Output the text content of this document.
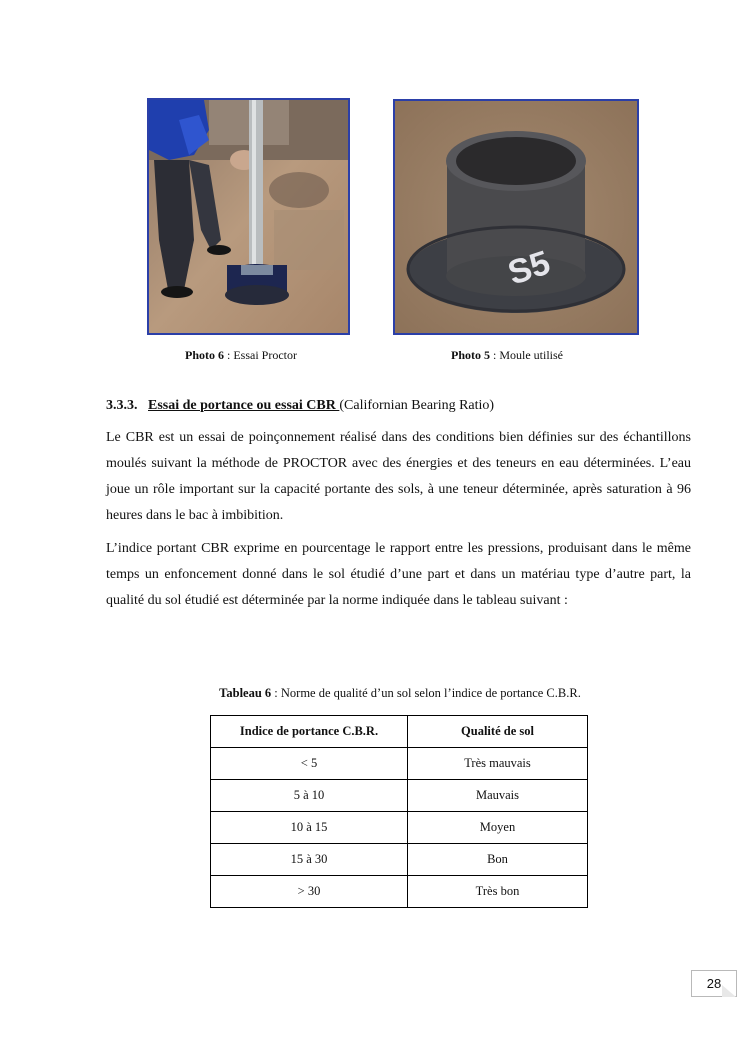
S5
Photo 6 : Essai Proctor	Photo 5 : Moule utilisé
3.3.3. Essai de portance ou essai CBR (Californian Bearing Ratio)

Le CBR est un essai de poinçonnement réalisé dans des conditions bien définies sur des échantillons moulés suivant la méthode de PROCTOR avec des énergies et des teneurs en eau déterminées. L’eau joue un rôle important sur la capacité portante des sols, à une teneur déterminée, après saturation à 96 heures dans le bac à imbibition.

L’indice portant CBR exprime en pourcentage le rapport entre les pressions, produisant dans le même temps un enfoncement donné dans le sol étudié d’une part et dans un matériau type d’autre part, la qualité du sol étudié est déterminée par la norme indiquée dans le tableau suivant :

Tableau 6 : Norme de qualité d’un sol selon l’indice de portance C.B.R.
Indice de portance C.B.R.	Qualité de sol
< 5	Très mauvais
5 à 10	Mauvais
10 à 15	Moyen
15 à 30	Bon
> 30	Très bon
28
